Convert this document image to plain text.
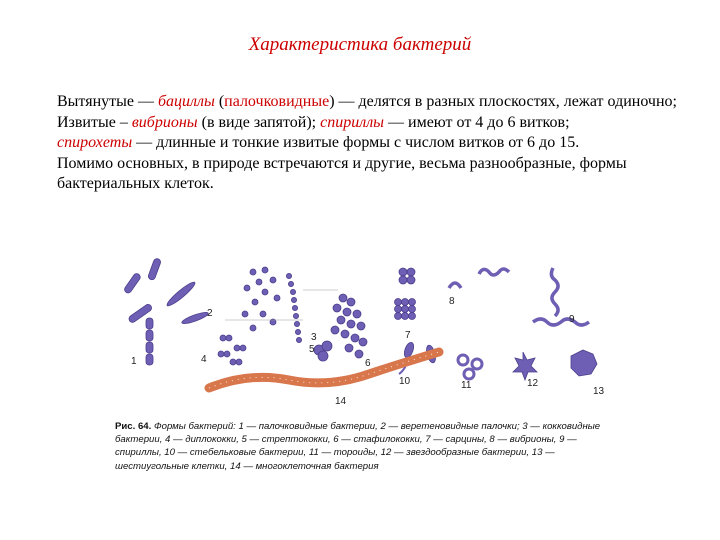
Характеристика бактерий
Вытянутые — бациллы (палочковидные) — делятся в разных плоскостях, лежат одиночно;
Извитые – вибрионы (в виде запятой); спириллы — имеют от 4 до 6 витков;
спирохеты — длинные и тонкие извитые формы с числом витков от 6 до 15.
Помимо основных, в природе встречаются и другие, весьма разнообразные, формы бактериальных клеток.
1
2
3
4
5
6
7
8
9
10	11	12
13
14
Рис. 64. Формы бактерий: 1 — палочковидные бактерии, 2 — веретеновидные палочки; 3 — кокковидные бактерии, 4 — диплококки, 5 — стрептококки, 6 — стафилококки, 7 — сарцины, 8 — вибрионы, 9 — спириллы, 10 — стебельковые бактерии, 11 — тороиды, 12 — звездообразные бактерии, 13 — шестиугольные клетки, 14 — многоклеточная бактерия
